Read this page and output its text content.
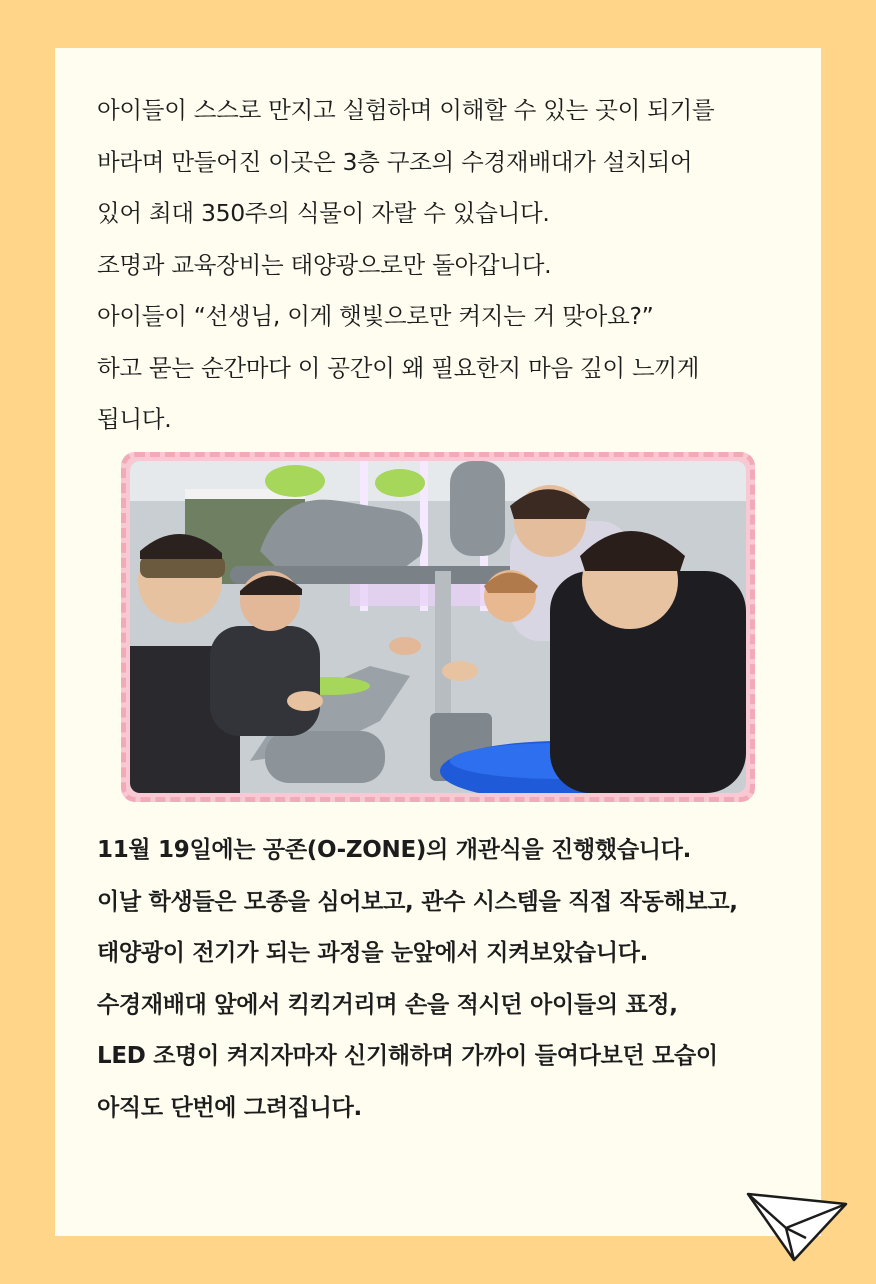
아이들이 스스로 만지고 실험하며 이해할 수 있는 곳이 되기를
바라며 만들어진 이곳은 3층 구조의 수경재배대가 설치되어
있어 최대 350주의 식물이 자랄 수 있습니다.
조명과 교육장비는 태양광으로만 돌아갑니다.
아이들이 “선생님, 이게 햇빛으로만 켜지는 거 맞아요?”
하고 묻는 순간마다 이 공간이 왜 필요한지 마음 깊이 느끼게
됩니다.

11월 19일에는 공존(O-ZONE)의 개관식을 진행했습니다.
이날 학생들은 모종을 심어보고, 관수 시스템을 직접 작동해보고,
태양광이 전기가 되는 과정을 눈앞에서 지켜보았습니다.
수경재배대 앞에서 킥킥거리며 손을 적시던 아이들의 표정,
LED 조명이 켜지자마자 신기해하며 가까이 들여다보던 모습이
아직도 단번에 그려집니다.
